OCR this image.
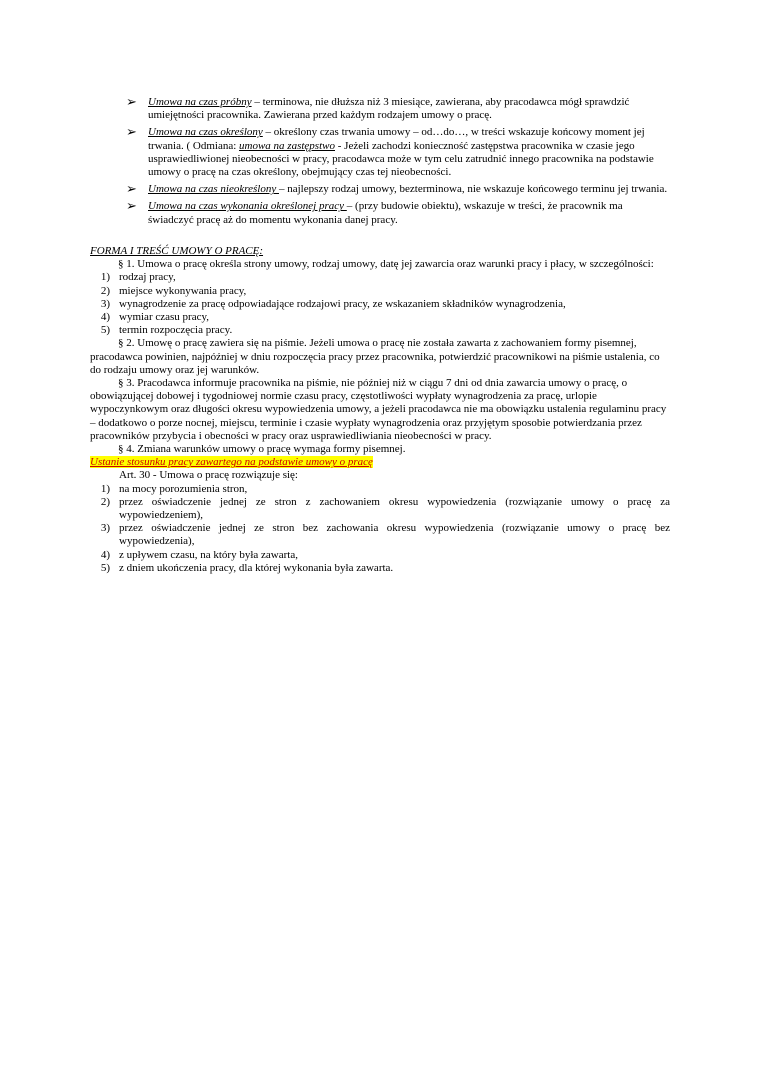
➢ Umowa na czas próbny – terminowa, nie dłuższa niż 3 miesiące, zawierana, aby pracodawca mógł sprawdzić umiejętności pracownika. Zawierana przed każdym rodzajem umowy o pracę.
➢ Umowa na czas określony – określony czas trwania umowy – od…do…, w treści wskazuje końcowy moment jej trwania. ( Odmiana: umowa na zastępstwo - Jeżeli zachodzi konieczność zastępstwa pracownika w czasie jego usprawiedliwionej nieobecności w pracy, pracodawca może w tym celu zatrudnić innego pracownika na podstawie umowy o pracę na czas określony, obejmujący czas tej nieobecności.
➢ Umowa na czas nieokreślony – najlepszy rodzaj umowy, bezterminowa, nie wskazuje końcowego terminu jej trwania.
➢ Umowa na czas wykonania określonej pracy – (przy budowie obiektu), wskazuje w treści, że pracownik ma świadczyć pracę aż do momentu wykonania danej pracy.
FORMA I TREŚĆ UMOWY O PRACĘ:
§ 1. Umowa o pracę określa strony umowy, rodzaj umowy, datę jej zawarcia oraz warunki pracy i płacy, w szczególności:
1) rodzaj pracy,
2) miejsce wykonywania pracy,
3) wynagrodzenie za pracę odpowiadające rodzajowi pracy, ze wskazaniem składników wynagrodzenia,
4) wymiar czasu pracy,
5) termin rozpoczęcia pracy.
§ 2. Umowę o pracę zawiera się na piśmie. Jeżeli umowa o pracę nie została zawarta z zachowaniem formy pisemnej, pracodawca powinien, najpóźniej w dniu rozpoczęcia pracy przez pracownika, potwierdzić pracownikowi na piśmie ustalenia, co do rodzaju umowy oraz jej warunków.
§ 3. Pracodawca informuje pracownika na piśmie, nie później niż w ciągu 7 dni od dnia zawarcia umowy o pracę, o obowiązującej dobowej i tygodniowej normie czasu pracy, częstotliwości wypłaty wynagrodzenia za pracę, urlopie wypoczynkowym oraz długości okresu wypowiedzenia umowy, a jeżeli pracodawca nie ma obowiązku ustalenia regulaminu pracy – dodatkowo o porze nocnej, miejscu, terminie i czasie wypłaty wynagrodzenia oraz przyjętym sposobie potwierdzania przez pracowników przybycia i obecności w pracy oraz usprawiedliwiania nieobecności w pracy.
§ 4. Zmiana warunków umowy o pracę wymaga formy pisemnej.
Ustanie stosunku pracy zawartego na podstawie umowy o pracę
Art. 30 - Umowa o pracę rozwiązuje się:
1) na mocy porozumienia stron,
2) przez oświadczenie jednej ze stron z zachowaniem okresu wypowiedzenia (rozwiązanie umowy o pracę za wypowiedzeniem),
3) przez oświadczenie jednej ze stron bez zachowania okresu wypowiedzenia (rozwiązanie umowy o pracę bez wypowiedzenia),
4) z upływem czasu, na który była zawarta,
5) z dniem ukończenia pracy, dla której wykonania była zawarta.
